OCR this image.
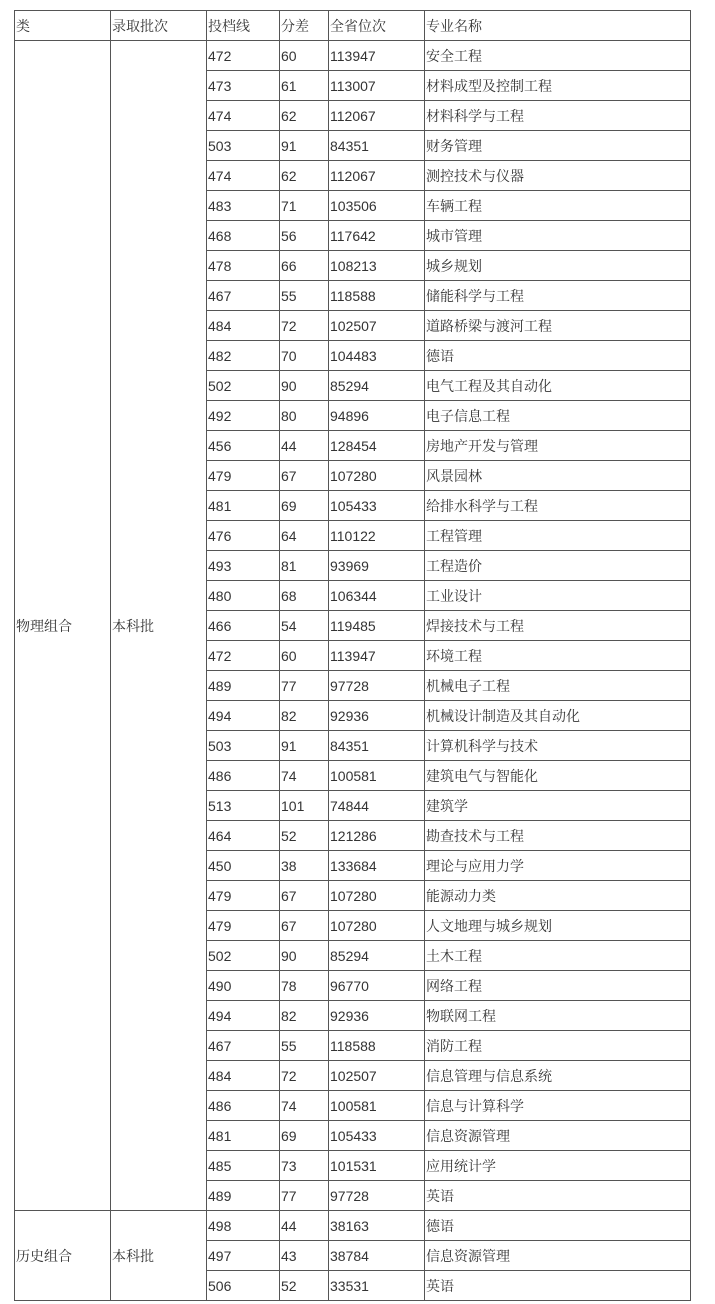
类	录取批次	投档线	分差	全省位次	专业名称
物理组合	本科批	472	60	113947	安全工程
		473	61	113007	材料成型及控制工程
		474	62	112067	材料科学与工程
		503	91	84351	财务管理
		474	62	112067	测控技术与仪器
		483	71	103506	车辆工程
		468	56	117642	城市管理
		478	66	108213	城乡规划
		467	55	118588	储能科学与工程
		484	72	102507	道路桥梁与渡河工程
		482	70	104483	德语
		502	90	85294	电气工程及其自动化
		492	80	94896	电子信息工程
		456	44	128454	房地产开发与管理
		479	67	107280	风景园林
		481	69	105433	给排水科学与工程
		476	64	110122	工程管理
		493	81	93969	工程造价
		480	68	106344	工业设计
		466	54	119485	焊接技术与工程
		472	60	113947	环境工程
		489	77	97728	机械电子工程
		494	82	92936	机械设计制造及其自动化
		503	91	84351	计算机科学与技术
		486	74	100581	建筑电气与智能化
		513	101	74844	建筑学
		464	52	121286	勘查技术与工程
		450	38	133684	理论与应用力学
		479	67	107280	能源动力类
		479	67	107280	人文地理与城乡规划
		502	90	85294	土木工程
		490	78	96770	网络工程
		494	82	92936	物联网工程
		467	55	118588	消防工程
		484	72	102507	信息管理与信息系统
		486	74	100581	信息与计算科学
		481	69	105433	信息资源管理
		485	73	101531	应用统计学
		489	77	97728	英语
历史组合	本科批	498	44	38163	德语
		497	43	38784	信息资源管理
		506	52	33531	英语
